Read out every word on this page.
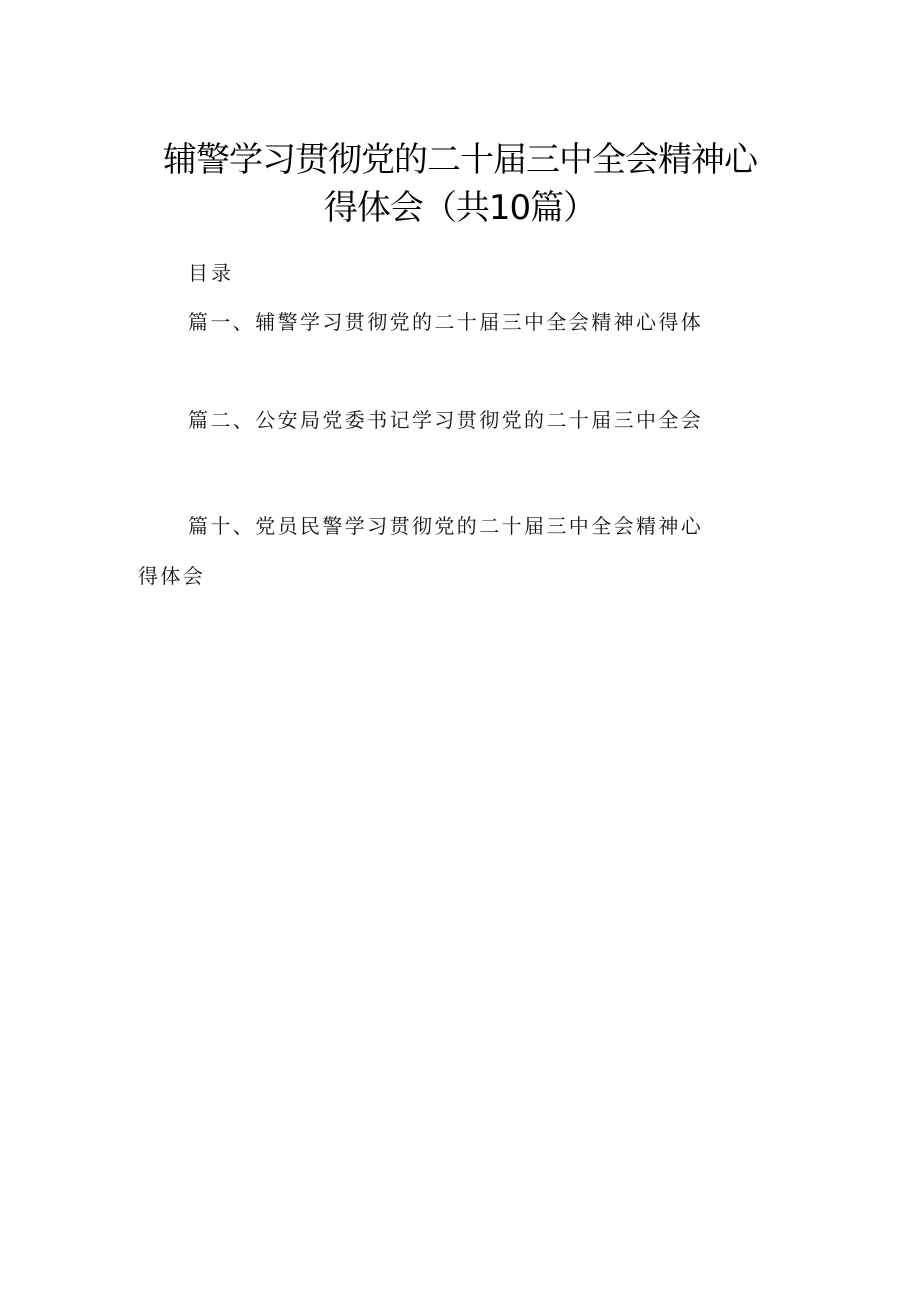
辅警学习贯彻党的二十届三中全会精神心
得体会（共10篇）
目录
篇一、辅警学习贯彻党的二十届三中全会精神心得体
篇二、公安局党委书记学习贯彻党的二十届三中全会
篇十、党员民警学习贯彻党的二十届三中全会精神心
得体会
